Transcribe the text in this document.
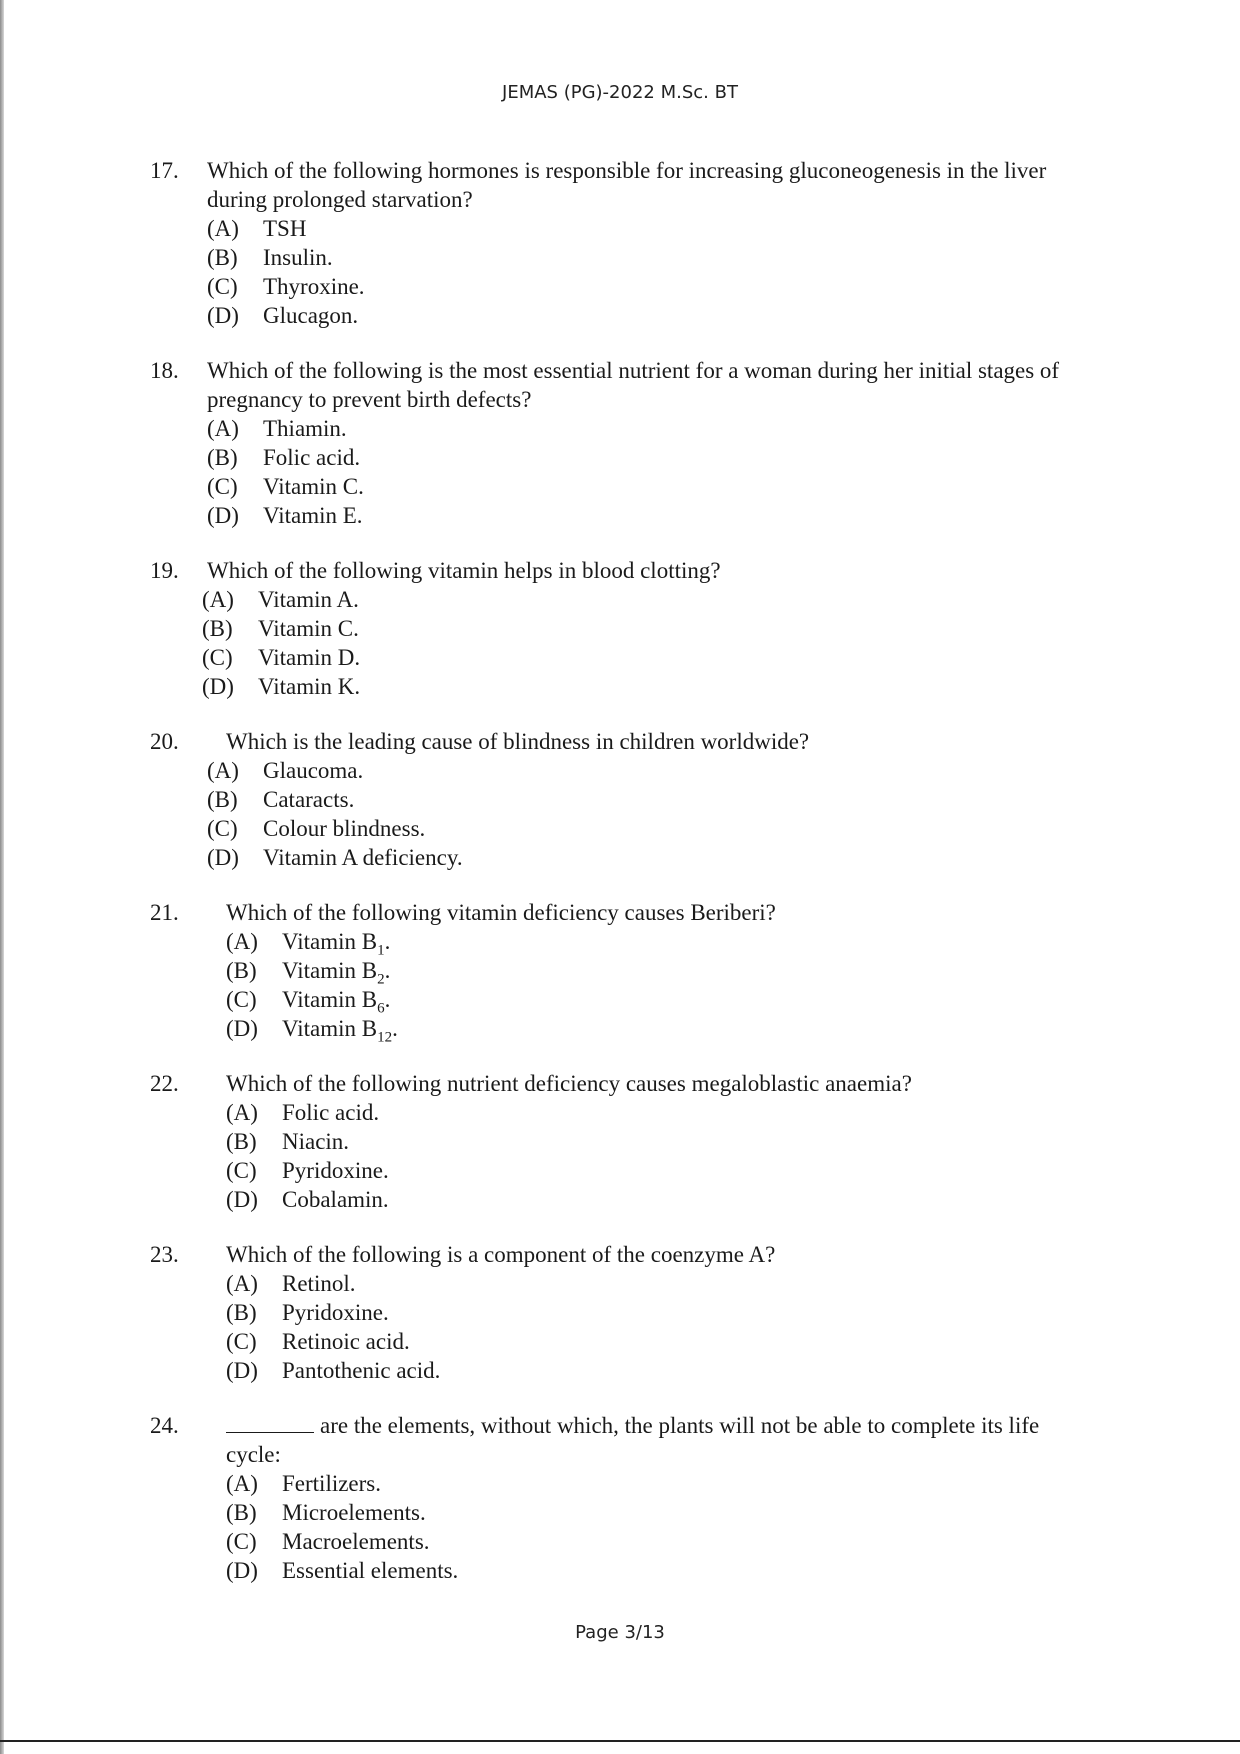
JEMAS (PG)-2022 M.Sc. BT
17. Which of the following hormones is responsible for increasing gluconeogenesis in the liver during prolonged starvation?
(A)	TSH
(B)	Insulin.
(C)	Thyroxine.
(D)	Glucagon.
18. Which of the following is the most essential nutrient for a woman during her initial stages of pregnancy to prevent birth defects?
(A)	Thiamin.
(B)	Folic acid.
(C)	Vitamin C.
(D)	Vitamin E.
19. Which of the following vitamin helps in blood clotting?
(A)	Vitamin A.
(B)	Vitamin C.
(C)	Vitamin D.
(D)	Vitamin K.
20. Which is the leading cause of blindness in children worldwide?
(A)	Glaucoma.
(B)	Cataracts.
(C)	Colour blindness.
(D)	Vitamin A deficiency.
21. Which of the following vitamin deficiency causes Beriberi?
(A)	Vitamin $B_1$.
(B)	Vitamin $B_2$.
(C)	Vitamin $B_6$.
(D)	Vitamin $B_{12}$.
22. Which of the following nutrient deficiency causes megaloblastic anaemia?
(A)	Folic acid.
(B)	Niacin.
(C)	Pyridoxine.
(D)	Cobalamin.
23. Which of the following is a component of the coenzyme A?
(A)	Retinol.
(B)	Pyridoxine.
(C)	Retinoic acid.
(D)	Pantothenic acid.
24.	are the elements, without which, the plants will not be able to complete its life cycle:
(A)	Fertilizers.
(B)	Microelements.
(C)	Macroelements.
(D)	Essential elements.
Page 3/13
